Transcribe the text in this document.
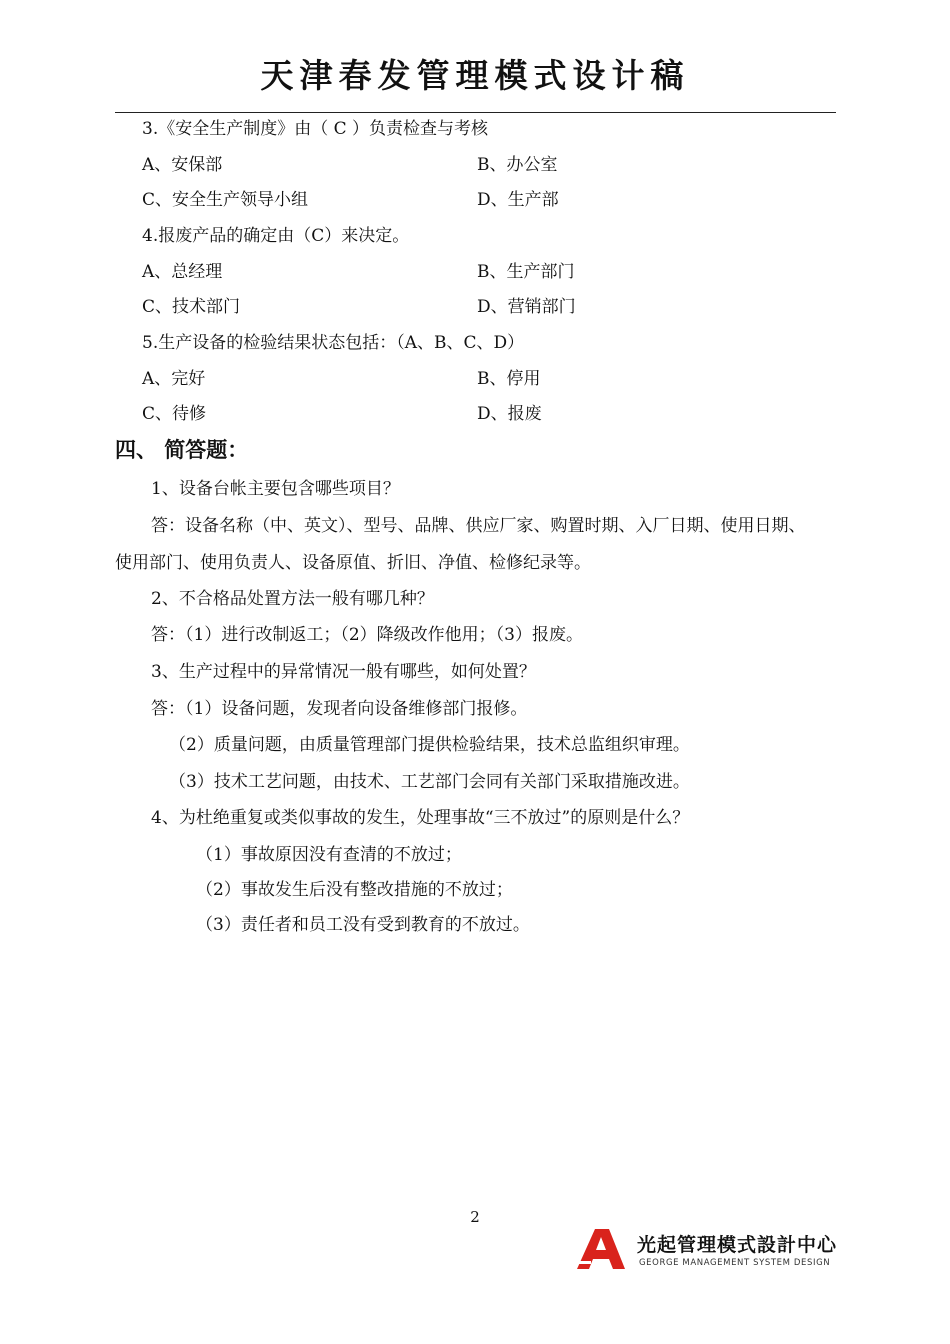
天津春发管理模式设计稿
3.《安全生产制度》由（ C ）负责检查与考核
A、安保部	B、办公室
C、安全生产领导小组	D、生产部
4.报废产品的确定由（C）来决定。
A、总经理	B、生产部门
C、技术部门	D、营销部门
5.生产设备的检验结果状态包括：（A、B、C、D）
A、完好	B、停用
C、待修	D、报废
四、 简答题：
1、设备台帐主要包含哪些项目？
答：设备名称（中、英文）、型号、品牌、供应厂家、购置时期、入厂日期、使用日期、
使用部门、使用负责人、设备原值、折旧、净值、检修纪录等。
2、不合格品处置方法一般有哪几种？
答：（1）进行改制返工；（2）降级改作他用；（3）报废。
3、生产过程中的异常情况一般有哪些，如何处置？
答：（1）设备问题，发现者向设备维修部门报修。
（2）质量问题，由质量管理部门提供检验结果，技术总监组织审理。
（3）技术工艺问题，由技术、工艺部门会同有关部门采取措施改进。
4、为杜绝重复或类似事故的发生，处理事故“三不放过”的原则是什么？
（1）事故原因没有查清的不放过；
（2）事故发生后没有整改措施的不放过；
（3）责任者和员工没有受到教育的不放过。
2
光起管理模式設計中心
GEORGE MANAGEMENT SYSTEM DESIGN
